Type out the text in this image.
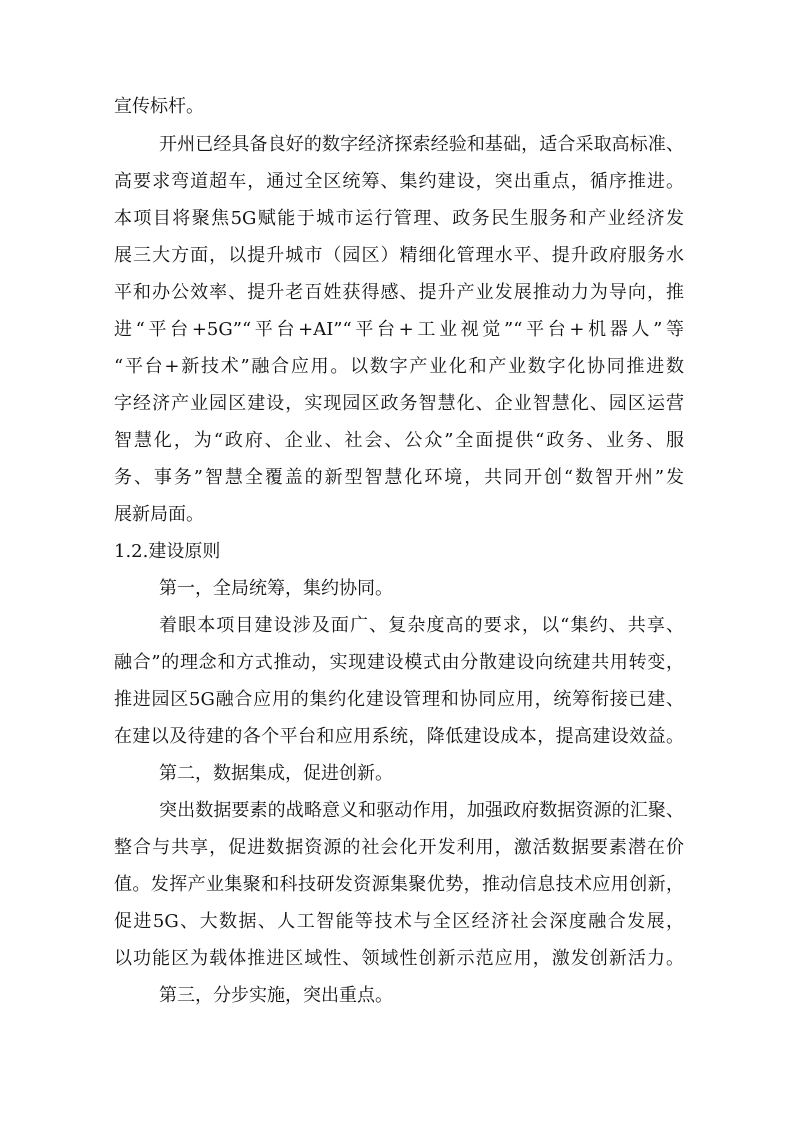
宣传标杆。
开州已经具备良好的数字经济探索经验和基础，适合采取高标准、
高要求弯道超车，通过全区统筹、集约建设，突出重点，循序推进。
本项目将聚焦5G赋能于城市运行管理、政务民生服务和产业经济发
展三大方面，以提升城市（园区）精细化管理水平、提升政府服务水
平和办公效率、提升老百姓获得感、提升产业发展推动力为导向，推
进“平台+5G”“平台+AI”“平台+工业视觉”“平台+机器人”等
“平台+新技术”融合应用。以数字产业化和产业数字化协同推进数
字经济产业园区建设，实现园区政务智慧化、企业智慧化、园区运营
智慧化，为“政府、企业、社会、公众”全面提供“政务、业务、服
务、事务”智慧全覆盖的新型智慧化环境，共同开创“数智开州”发
展新局面。
1.2.建设原则
第一，全局统筹，集约协同。
着眼本项目建设涉及面广、复杂度高的要求，以“集约、共享、
融合”的理念和方式推动，实现建设模式由分散建设向统建共用转变，
推进园区5G融合应用的集约化建设管理和协同应用，统筹衔接已建、
在建以及待建的各个平台和应用系统，降低建设成本，提高建设效益。
第二，数据集成，促进创新。
突出数据要素的战略意义和驱动作用，加强政府数据资源的汇聚、
整合与共享，促进数据资源的社会化开发利用，激活数据要素潜在价
值。发挥产业集聚和科技研发资源集聚优势，推动信息技术应用创新，
促进5G、大数据、人工智能等技术与全区经济社会深度融合发展，
以功能区为载体推进区域性、领域性创新示范应用，激发创新活力。
第三，分步实施，突出重点。
